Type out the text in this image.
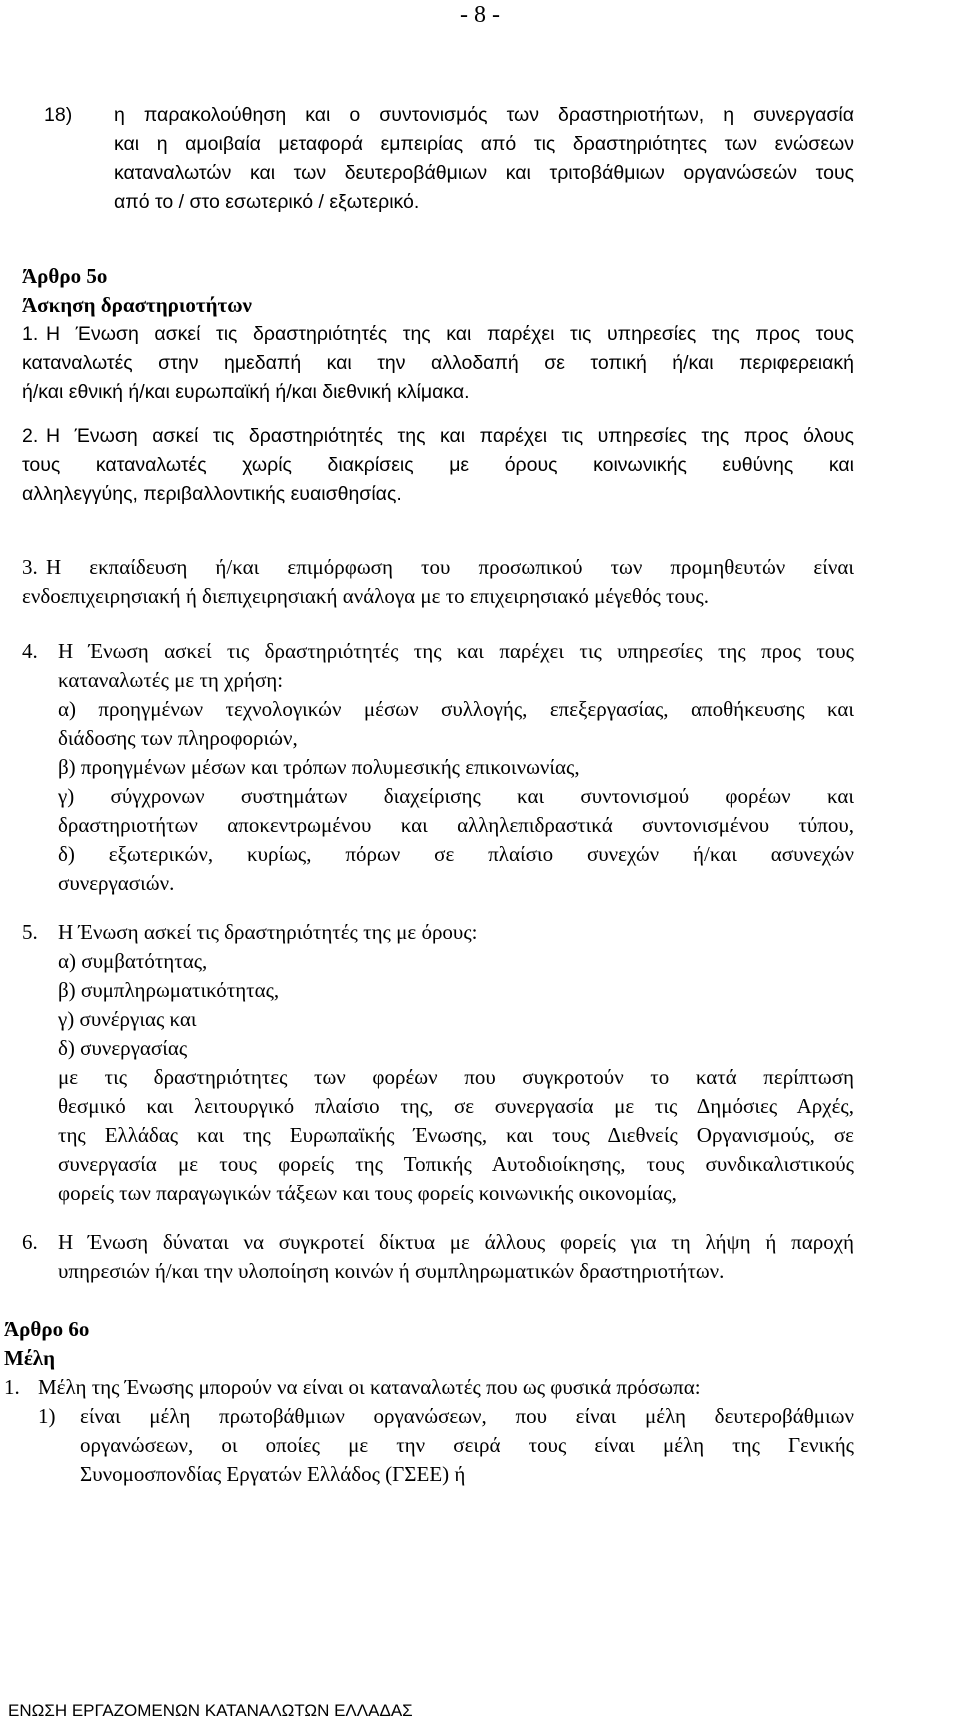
- 8 -
18) η παρακολούθηση και ο συντονισμός των δραστηριοτήτων, η συνεργασία
και η αμοιβαία μεταφορά εμπειρίας από τις δραστηριότητες των ενώσεων
καταναλωτών και των δευτεροβάθμιων και τριτοβάθμιων οργανώσεών τους
από το / στο εσωτερικό / εξωτερικό.
Άρθρο 5ο
Άσκηση δραστηριοτήτων
1. Η Ένωση ασκεί τις δραστηριότητές της και παρέχει τις υπηρεσίες της προς τους
καταναλωτές στην ημεδαπή και την αλλοδαπή σε τοπική ή/και περιφερειακή
ή/και εθνική ή/και ευρωπαϊκή ή/και διεθνική κλίμακα.
2. Η Ένωση ασκεί τις δραστηριότητές της και παρέχει τις υπηρεσίες της προς όλους
τους καταναλωτές χωρίς διακρίσεις με όρους κοινωνικής ευθύνης και
αλληλεγγύης, περιβαλλοντικής ευαισθησίας.
3. Η εκπαίδευση ή/και επιμόρφωση του προσωπικού των προμηθευτών είναι
ενδοεπιχειρησιακή ή διεπιχειρησιακή ανάλογα με το επιχειρησιακό μέγεθός τους.
4. Η Ένωση ασκεί τις δραστηριότητές της και παρέχει τις υπηρεσίες της προς τους
καταναλωτές με τη χρήση:
α) προηγμένων τεχνολογικών μέσων συλλογής, επεξεργασίας, αποθήκευσης και
διάδοσης των πληροφοριών,
β) προηγμένων μέσων και τρόπων πολυμεσικής επικοινωνίας,
γ) σύγχρονων συστημάτων διαχείρισης και συντονισμού φορέων και
δραστηριοτήτων αποκεντρωμένου και αλληλεπιδραστικά συντονισμένου τύπου,
δ) εξωτερικών, κυρίως, πόρων σε πλαίσιο συνεχών ή/και ασυνεχών
συνεργασιών.
5. Η Ένωση ασκεί τις δραστηριότητές της με όρους:
α) συμβατότητας,
β) συμπληρωματικότητας,
γ) συνέργιας και
δ) συνεργασίας
με τις δραστηριότητες των φορέων που συγκροτούν το κατά περίπτωση
θεσμικό και λειτουργικό πλαίσιο της, σε συνεργασία με τις Δημόσιες Αρχές,
της Ελλάδας και της Ευρωπαϊκής Ένωσης, και τους Διεθνείς Οργανισμούς, σε
συνεργασία με τους φορείς της Τοπικής Αυτοδιοίκησης, τους συνδικαλιστικούς
φορείς των παραγωγικών τάξεων και τους φορείς κοινωνικής οικονομίας,
6. Η Ένωση δύναται να συγκροτεί δίκτυα με άλλους φορείς για τη λήψη ή παροχή
υπηρεσιών ή/και την υλοποίηση κοινών ή συμπληρωματικών δραστηριοτήτων.
Άρθρο 6ο
Μέλη
1. Μέλη της Ένωσης μπορούν να είναι οι καταναλωτές που ως φυσικά πρόσωπα:
1) είναι μέλη πρωτοβάθμιων οργανώσεων, που είναι μέλη δευτεροβάθμιων
οργανώσεων, οι οποίες με την σειρά τους είναι μέλη της Γενικής
Συνομοσπονδίας Εργατών Ελλάδος (ΓΣΕΕ) ή
ΕΝΩΣΗ ΕΡΓΑΖΟΜΕΝΩΝ ΚΑΤΑΝΑΛΩΤΩΝ ΕΛΛΑΔΑΣ
